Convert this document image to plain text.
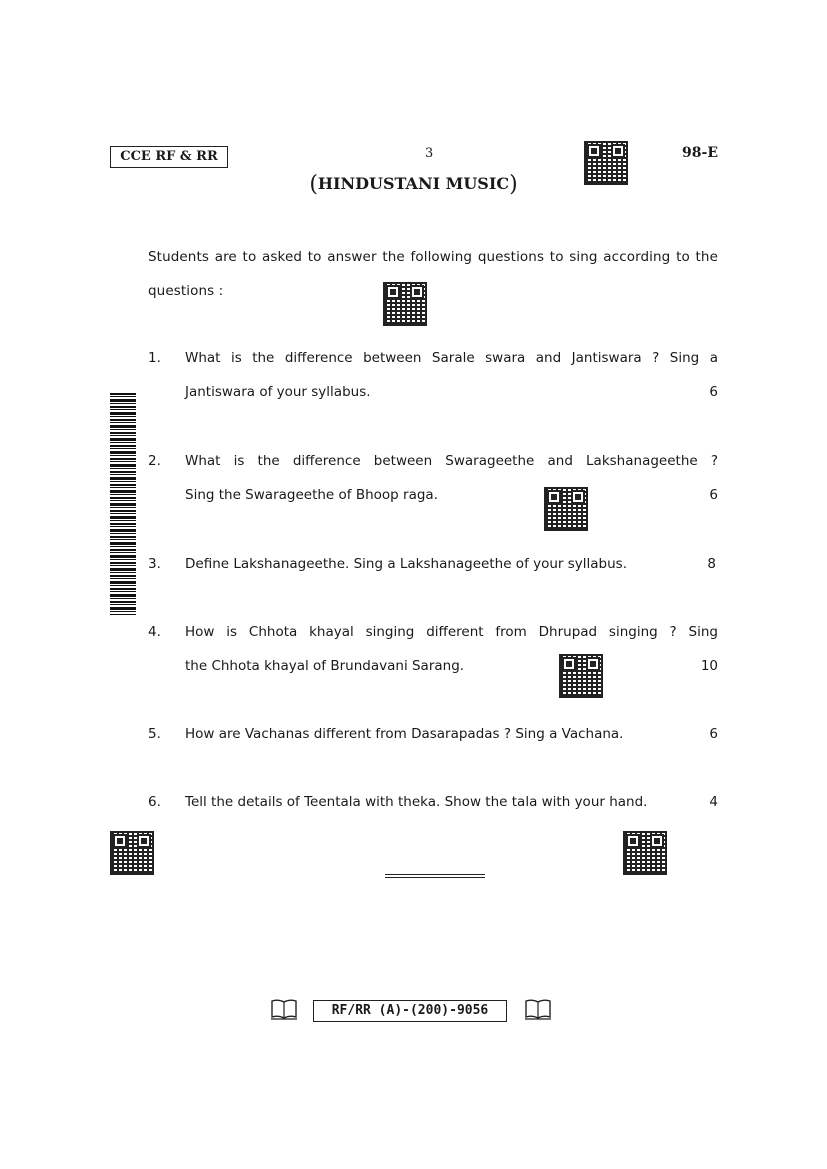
CCE RF & RR	3	98-E
(HINDUSTANI MUSIC)
Students are to asked to answer the following questions to sing according to the questions :
1. What is the difference between Sarale swara and Jantiswara ? Sing a
Jantiswara of your syllabus.	6
2. What is the difference between Swarageethe and Lakshanageethe ?
Sing the Swarageethe of Bhoop raga.	6
3. Define Lakshanageethe. Sing a Lakshanageethe of your syllabus.	8
4. How is Chhota khayal singing different from Dhrupad singing ? Sing
the Chhota khayal of Brundavani Sarang.	10
5. How are Vachanas different from Dasarapadas ? Sing a Vachana.	6
6. Tell the details of Teentala with theka. Show the tala with your hand.	4
RF/RR (A)-(200)-9056
